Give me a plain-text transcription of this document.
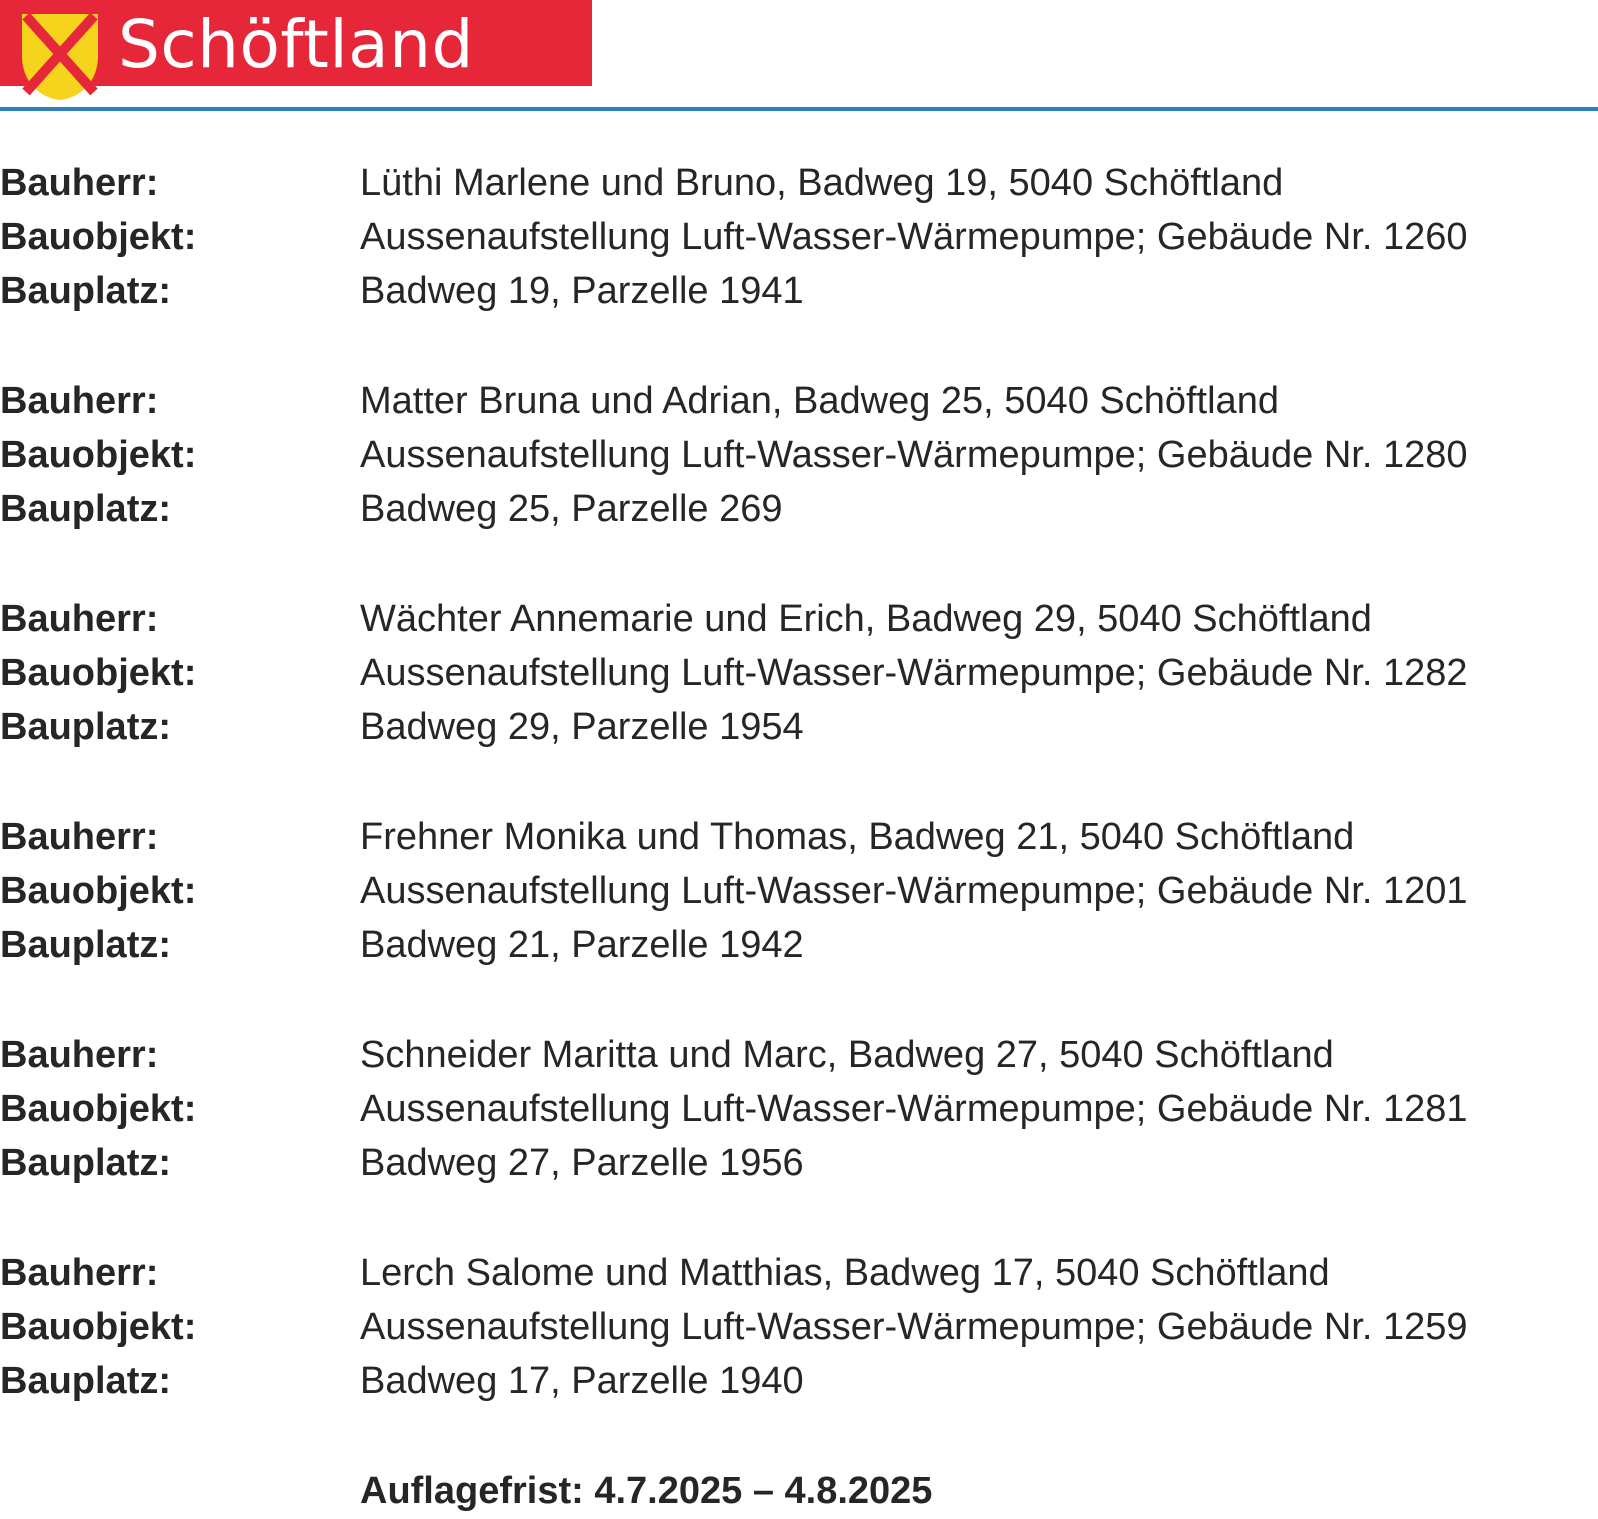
Schöftland
Bauherr:	Lüthi Marlene und Bruno, Badweg 19, 5040 Schöftland
Bauobjekt:	Aussenaufstellung Luft-Wasser-Wärmepumpe; Gebäude Nr. 1260
Bauplatz:	Badweg 19, Parzelle 1941
Bauherr:	Matter Bruna und Adrian, Badweg 25, 5040 Schöftland
Bauobjekt:	Aussenaufstellung Luft-Wasser-Wärmepumpe; Gebäude Nr. 1280
Bauplatz:	Badweg 25, Parzelle 269
Bauherr:	Wächter Annemarie und Erich, Badweg 29, 5040 Schöftland
Bauobjekt:	Aussenaufstellung Luft-Wasser-Wärmepumpe; Gebäude Nr. 1282
Bauplatz:	Badweg 29, Parzelle 1954
Bauherr:	Frehner Monika und Thomas, Badweg 21, 5040 Schöftland
Bauobjekt:	Aussenaufstellung Luft-Wasser-Wärmepumpe; Gebäude Nr. 1201
Bauplatz:	Badweg 21, Parzelle 1942
Bauherr:	Schneider Maritta und Marc, Badweg 27, 5040 Schöftland
Bauobjekt:	Aussenaufstellung Luft-Wasser-Wärmepumpe; Gebäude Nr. 1281
Bauplatz:	Badweg 27, Parzelle 1956
Bauherr:	Lerch Salome und Matthias, Badweg 17, 5040 Schöftland
Bauobjekt:	Aussenaufstellung Luft-Wasser-Wärmepumpe; Gebäude Nr. 1259
Bauplatz:	Badweg 17, Parzelle 1940
Auflagefrist: 4.7.2025 – 4.8.2025
